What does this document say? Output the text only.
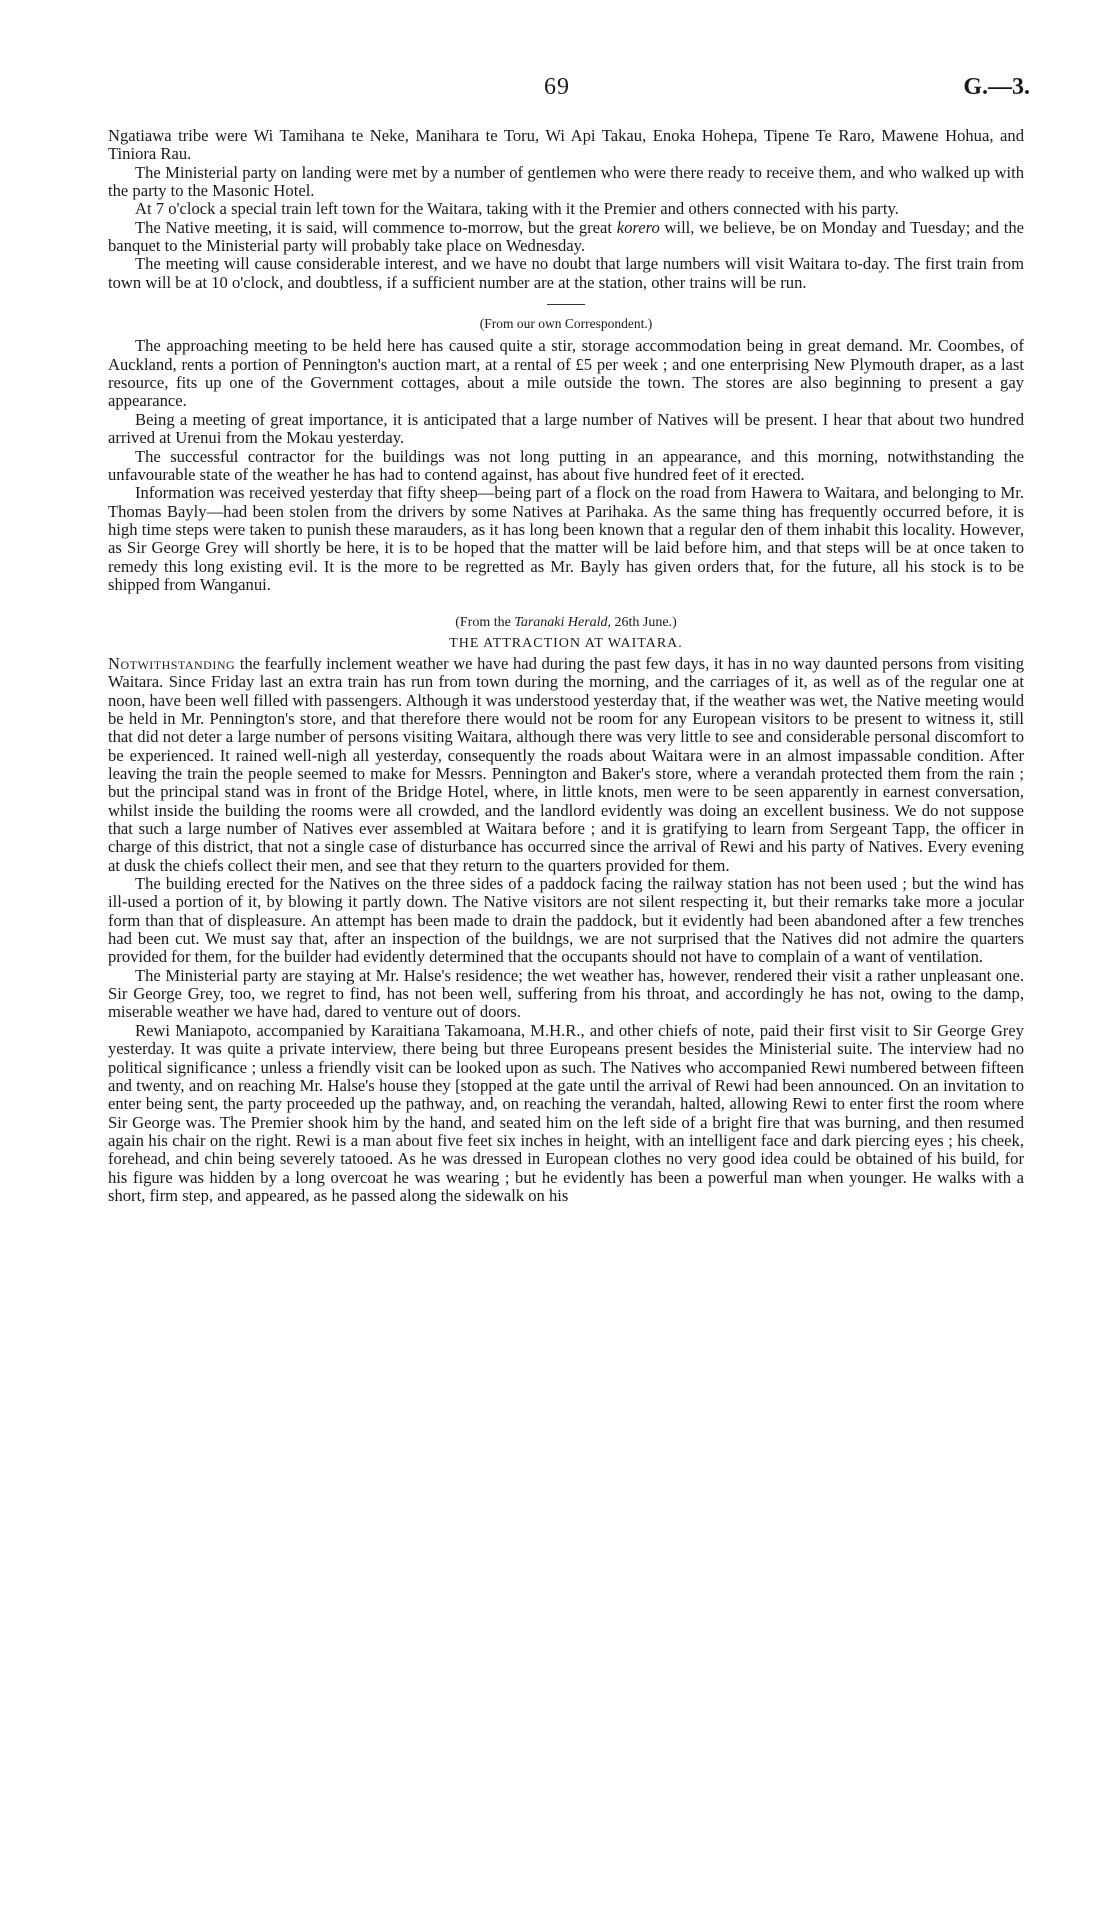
69	G.—3.

Ngatiawa tribe were Wi Tamihana te Neke, Manihara te Toru, Wi Api Takau, Enoka Hohepa, Tipene Te Raro, Mawene Hohua, and Tiniora Rau.

The Ministerial party on landing were met by a number of gentlemen who were there ready to receive them, and who walked up with the party to the Masonic Hotel.

At 7 o'clock a special train left town for the Waitara, taking with it the Premier and others connected with his party.

The Native meeting, it is said, will commence to-morrow, but the great korero will, we believe, be on Monday and Tuesday; and the banquet to the Ministerial party will probably take place on Wednesday.

The meeting will cause considerable interest, and we have no doubt that large numbers will visit Waitara to-day. The first train from town will be at 10 o'clock, and doubtless, if a sufficient number are at the station, other trains will be run.

(From our own Correspondent.)

The approaching meeting to be held here has caused quite a stir, storage accommodation being in great demand. Mr. Coombes, of Auckland, rents a portion of Pennington's auction mart, at a rental of £5 per week ; and one enterprising New Plymouth draper, as a last resource, fits up one of the Government cottages, about a mile outside the town. The stores are also beginning to present a gay appearance.

Being a meeting of great importance, it is anticipated that a large number of Natives will be present. I hear that about two hundred arrived at Urenui from the Mokau yesterday.

The successful contractor for the buildings was not long putting in an appearance, and this morning, notwithstanding the unfavourable state of the weather he has had to contend against, has about five hundred feet of it erected.

Information was received yesterday that fifty sheep—being part of a flock on the road from Hawera to Waitara, and belonging to Mr. Thomas Bayly—had been stolen from the drivers by some Natives at Parihaka. As the same thing has frequently occurred before, it is high time steps were taken to punish these marauders, as it has long been known that a regular den of them inhabit this locality. However, as Sir George Grey will shortly be here, it is to be hoped that the matter will be laid before him, and that steps will be at once taken to remedy this long existing evil. It is the more to be regretted as Mr. Bayly has given orders that, for the future, all his stock is to be shipped from Wanganui.

(From the Taranaki Herald, 26th June.)
THE ATTRACTION AT WAITARA.

Notwithstanding the fearfully inclement weather we have had during the past few days, it has in no way daunted persons from visiting Waitara. Since Friday last an extra train has run from town during the morning, and the carriages of it, as well as of the regular one at noon, have been well filled with passengers. Although it was understood yesterday that, if the weather was wet, the Native meeting would be held in Mr. Pennington's store, and that therefore there would not be room for any European visitors to be present to witness it, still that did not deter a large number of persons visiting Waitara, although there was very little to see and considerable personal discomfort to be experienced. It rained well-nigh all yesterday, consequently the roads about Waitara were in an almost impassable condition. After leaving the train the people seemed to make for Messrs. Pennington and Baker's store, where a verandah protected them from the rain ; but the principal stand was in front of the Bridge Hotel, where, in little knots, men were to be seen apparently in earnest conversation, whilst inside the building the rooms were all crowded, and the landlord evidently was doing an excellent business. We do not suppose that such a large number of Natives ever assembled at Waitara before ; and it is gratifying to learn from Sergeant Tapp, the officer in charge of this district, that not a single case of disturbance has occurred since the arrival of Rewi and his party of Natives. Every evening at dusk the chiefs collect their men, and see that they return to the quarters provided for them.

The building erected for the Natives on the three sides of a paddock facing the railway station has not been used ; but the wind has ill-used a portion of it, by blowing it partly down. The Native visitors are not silent respecting it, but their remarks take more a jocular form than that of displeasure. An attempt has been made to drain the paddock, but it evidently had been abandoned after a few trenches had been cut. We must say that, after an inspection of the buildngs, we are not surprised that the Natives did not admire the quarters provided for them, for the builder had evidently determined that the occupants should not have to complain of a want of ventilation.

The Ministerial party are staying at Mr. Halse's residence; the wet weather has, however, rendered their visit a rather unpleasant one. Sir George Grey, too, we regret to find, has not been well, suffering from his throat, and accordingly he has not, owing to the damp, miserable weather we have had, dared to venture out of doors.

Rewi Maniapoto, accompanied by Karaitiana Takamoana, M.H.R., and other chiefs of note, paid their first visit to Sir George Grey yesterday. It was quite a private interview, there being but three Europeans present besides the Ministerial suite. The interview had no political significance ; unless a friendly visit can be looked upon as such. The Natives who accompanied Rewi numbered between fifteen and twenty, and on reaching Mr. Halse's house they [stopped at the gate until the arrival of Rewi had been announced. On an invitation to enter being sent, the party proceeded up the pathway, and, on reaching the verandah, halted, allowing Rewi to enter first the room where Sir George was. The Premier shook him by the hand, and seated him on the left side of a bright fire that was burning, and then resumed again his chair on the right. Rewi is a man about five feet six inches in height, with an intelligent face and dark piercing eyes ; his cheek, forehead, and chin being severely tatooed. As he was dressed in European clothes no very good idea could be obtained of his build, for his figure was hidden by a long overcoat he was wearing ; but he evidently has been a powerful man when younger. He walks with a short, firm step, and appeared, as he passed along the sidewalk on his
